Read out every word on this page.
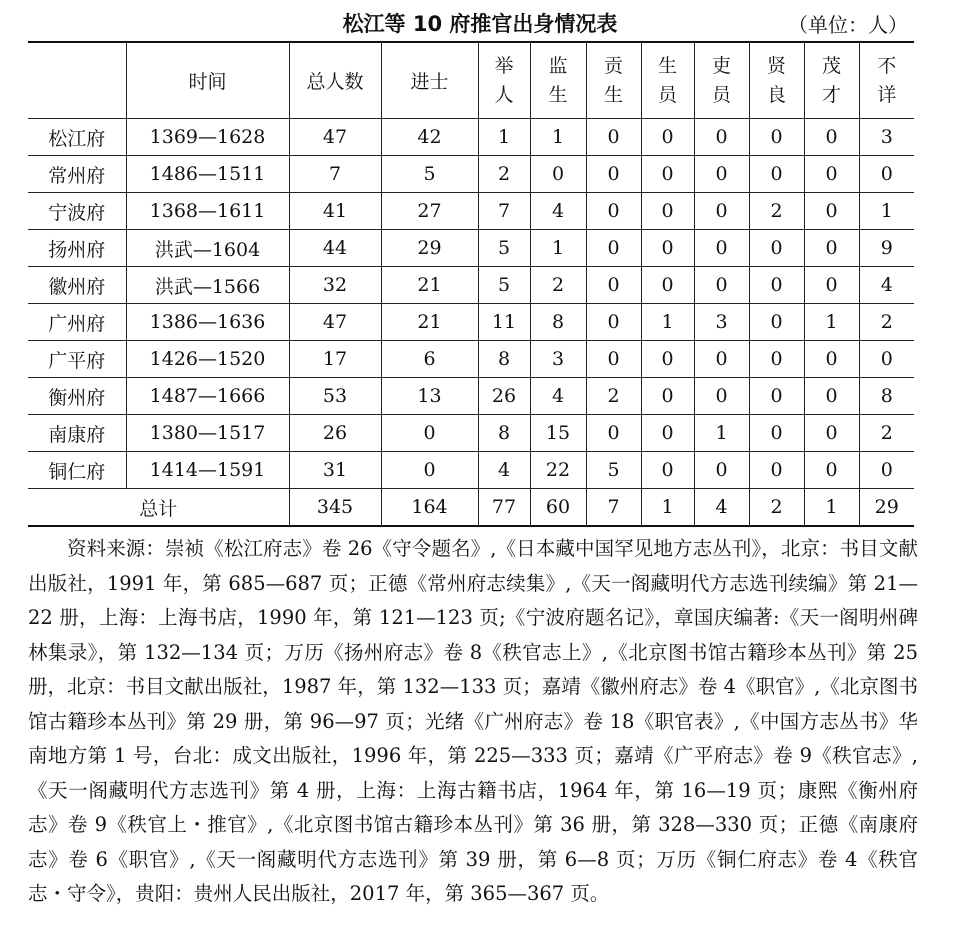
松江等 10 府推官出身情况表	（单位：人）
	时间	总人数	进士	举人	监生	贡生	生员	吏员	贤良	茂才	不详
松江府	1369—1628	47	42	1	1	0	0	0	0	0	3
常州府	1486—1511	7	5	2	0	0	0	0	0	0	0
宁波府	1368—1611	41	27	7	4	0	0	0	2	0	1
扬州府	洪武—1604	44	29	5	1	0	0	0	0	0	9
徽州府	洪武—1566	32	21	5	2	0	0	0	0	0	4
广州府	1386—1636	47	21	11	8	0	1	3	0	1	2
广平府	1426—1520	17	6	8	3	0	0	0	0	0	0
衡州府	1487—1666	53	13	26	4	2	0	0	0	0	8
南康府	1380—1517	26	0	8	15	0	0	1	0	0	2
铜仁府	1414—1591	31	0	4	22	5	0	0	0	0	0
总计		345	164	77	60	7	1	4	2	1	29
资料来源：崇祯《松江府志》卷 26《守令题名》,《日本藏中国罕见地方志丛刊》，北京：书目文献出版社，1991 年，第 685—687 页；正德《常州府志续集》,《天一阁藏明代方志选刊续编》第 21—22 册，上海：上海书店，1990 年，第 121—123 页;《宁波府题名记》，章国庆编著:《天一阁明州碑林集录》，第 132—134 页；万历《扬州府志》卷 8《秩官志上》,《北京图书馆古籍珍本丛刊》第 25 册，北京：书目文献出版社，1987 年，第 132—133 页；嘉靖《徽州府志》卷 4《职官》,《北京图书馆古籍珍本丛刊》第 29 册，第 96—97 页；光绪《广州府志》卷 18《职官表》,《中国方志丛书》华南地方第 1 号，台北：成文出版社，1996 年，第 225—333 页；嘉靖《广平府志》卷 9《秩官志》,《天一阁藏明代方志选刊》第 4 册，上海：上海古籍书店，1964 年，第 16—19 页；康熙《衡州府志》卷 9《秩官上・推官》,《北京图书馆古籍珍本丛刊》第 36 册，第 328—330 页；正德《南康府志》卷 6《职官》,《天一阁藏明代方志选刊》第 39 册，第 6—8 页；万历《铜仁府志》卷 4《秩官志・守令》，贵阳：贵州人民出版社，2017 年，第 365—367 页。
